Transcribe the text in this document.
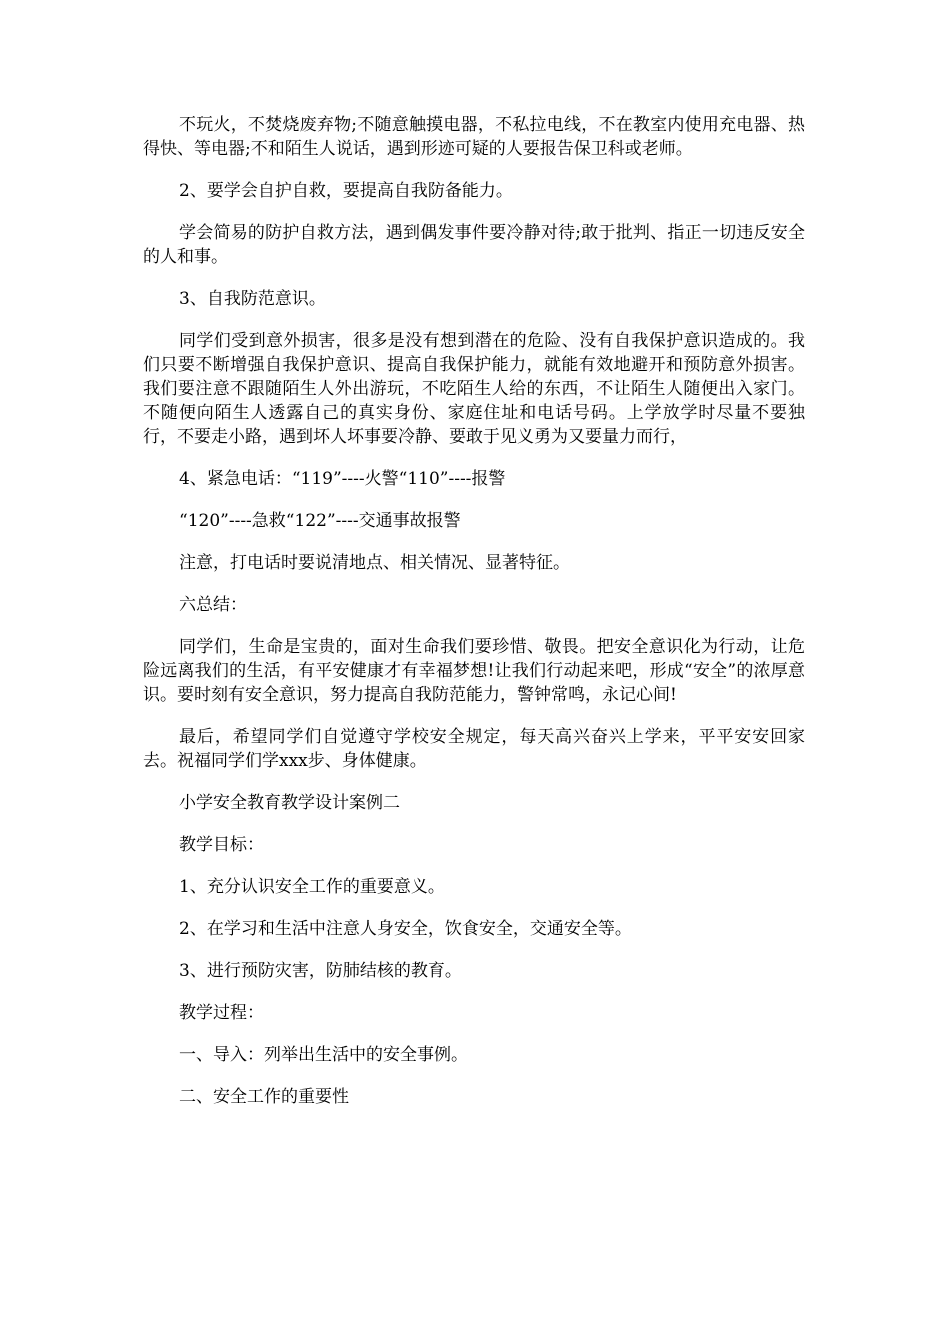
不玩火，不焚烧废弃物;不随意触摸电器，不私拉电线，不在教室内使用充电器、热得快、等电器;不和陌生人说话，遇到形迹可疑的人要报告保卫科或老师。

2、要学会自护自救，要提高自我防备能力。

学会简易的防护自救方法，遇到偶发事件要冷静对待;敢于批判、指正一切违反安全的人和事。

3、自我防范意识。

同学们受到意外损害，很多是没有想到潜在的危险、没有自我保护意识造成的。我们只要不断增强自我保护意识、提高自我保护能力，就能有效地避开和预防意外损害。我们要注意不跟随陌生人外出游玩，不吃陌生人给的东西，不让陌生人随便出入家门。不随便向陌生人透露自己的真实身份、家庭住址和电话号码。上学放学时尽量不要独行，不要走小路，遇到坏人坏事要冷静、要敢于见义勇为又要量力而行，

4、紧急电话：“119”----火警“110”----报警

“120”----急救“122”----交通事故报警

注意，打电话时要说清地点、相关情况、显著特征。

六总结：

同学们，生命是宝贵的，面对生命我们要珍惜、敬畏。把安全意识化为行动，让危险远离我们的生活，有平安健康才有幸福梦想!让我们行动起来吧，形成“安全”的浓厚意识。要时刻有安全意识，努力提高自我防范能力，警钟常鸣，永记心间!

最后，希望同学们自觉遵守学校安全规定，每天高兴奋兴上学来，平平安安回家去。祝福同学们学xxx步、身体健康。

小学安全教育教学设计案例二

教学目标：

1、充分认识安全工作的重要意义。

2、在学习和生活中注意人身安全，饮食安全，交通安全等。

3、进行预防灾害，防肺结核的教育。

教学过程：

一、导入：列举出生活中的安全事例。

二、安全工作的重要性
